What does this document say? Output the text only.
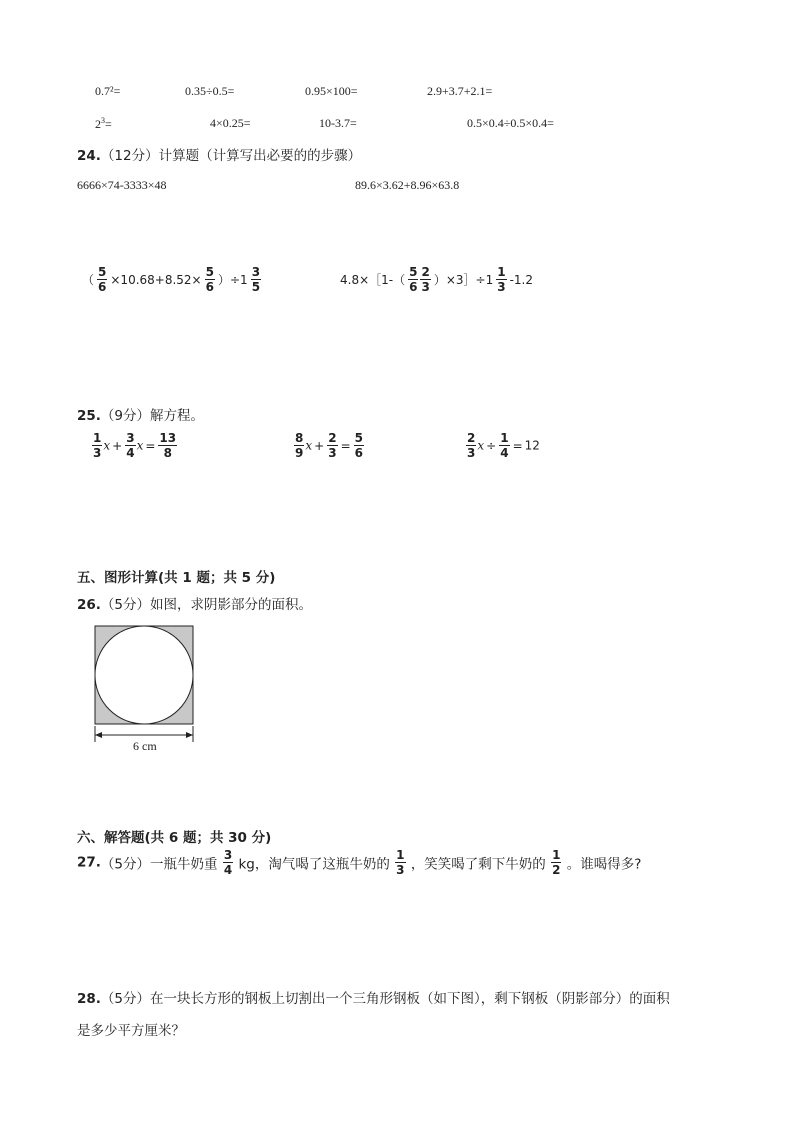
0.7²=	0.35÷0.5=	0.95×100=	2.9+3.7+2.1=
$2^3=$	4×0.25=	10-3.7=	0.5×0.4÷0.5×0.4=
24.（12分）计算题（计算写出必要的的步骤）
6666×74-3333×48	89.6×3.62+8.96×63.8
（ $\frac{5}{6} \times 10.68+8.52\times \frac{5}{6} )\div 1 \frac{3}{5}$	4.8×［1-（ $\frac{5}{6} \frac{2}{3}$ ）×3］÷1 $\frac{1}{3} -1.2$
25.（9分）解方程。
$\frac{1}{3}$ $x + \frac{3}{4}$ $x = \frac{13}{8}$	$\frac{8}{9}$ $x + \frac{2}{3} = \frac{5}{6}$	$\frac{2}{3}$ $x \div \frac{1}{4} = 12$
五、图形计算(共 1 题；共 5 分)
26.（5分）如图，求阴影部分的面积。
6 cm
六、解答题(共 6 题；共 30 分)
27.（5分）一瓶牛奶重 $\frac{3}{4}$ kg，淘气喝了这瓶牛奶的 $\frac{1}{3}$ ，笑笑喝了剩下牛奶的 $\frac{1}{2}$ 。谁喝得多?
28.（5分）在一块长方形的钢板上切割出一个三角形钢板（如下图），剩下钢板（阴影部分）的面积
是多少平方厘米？
